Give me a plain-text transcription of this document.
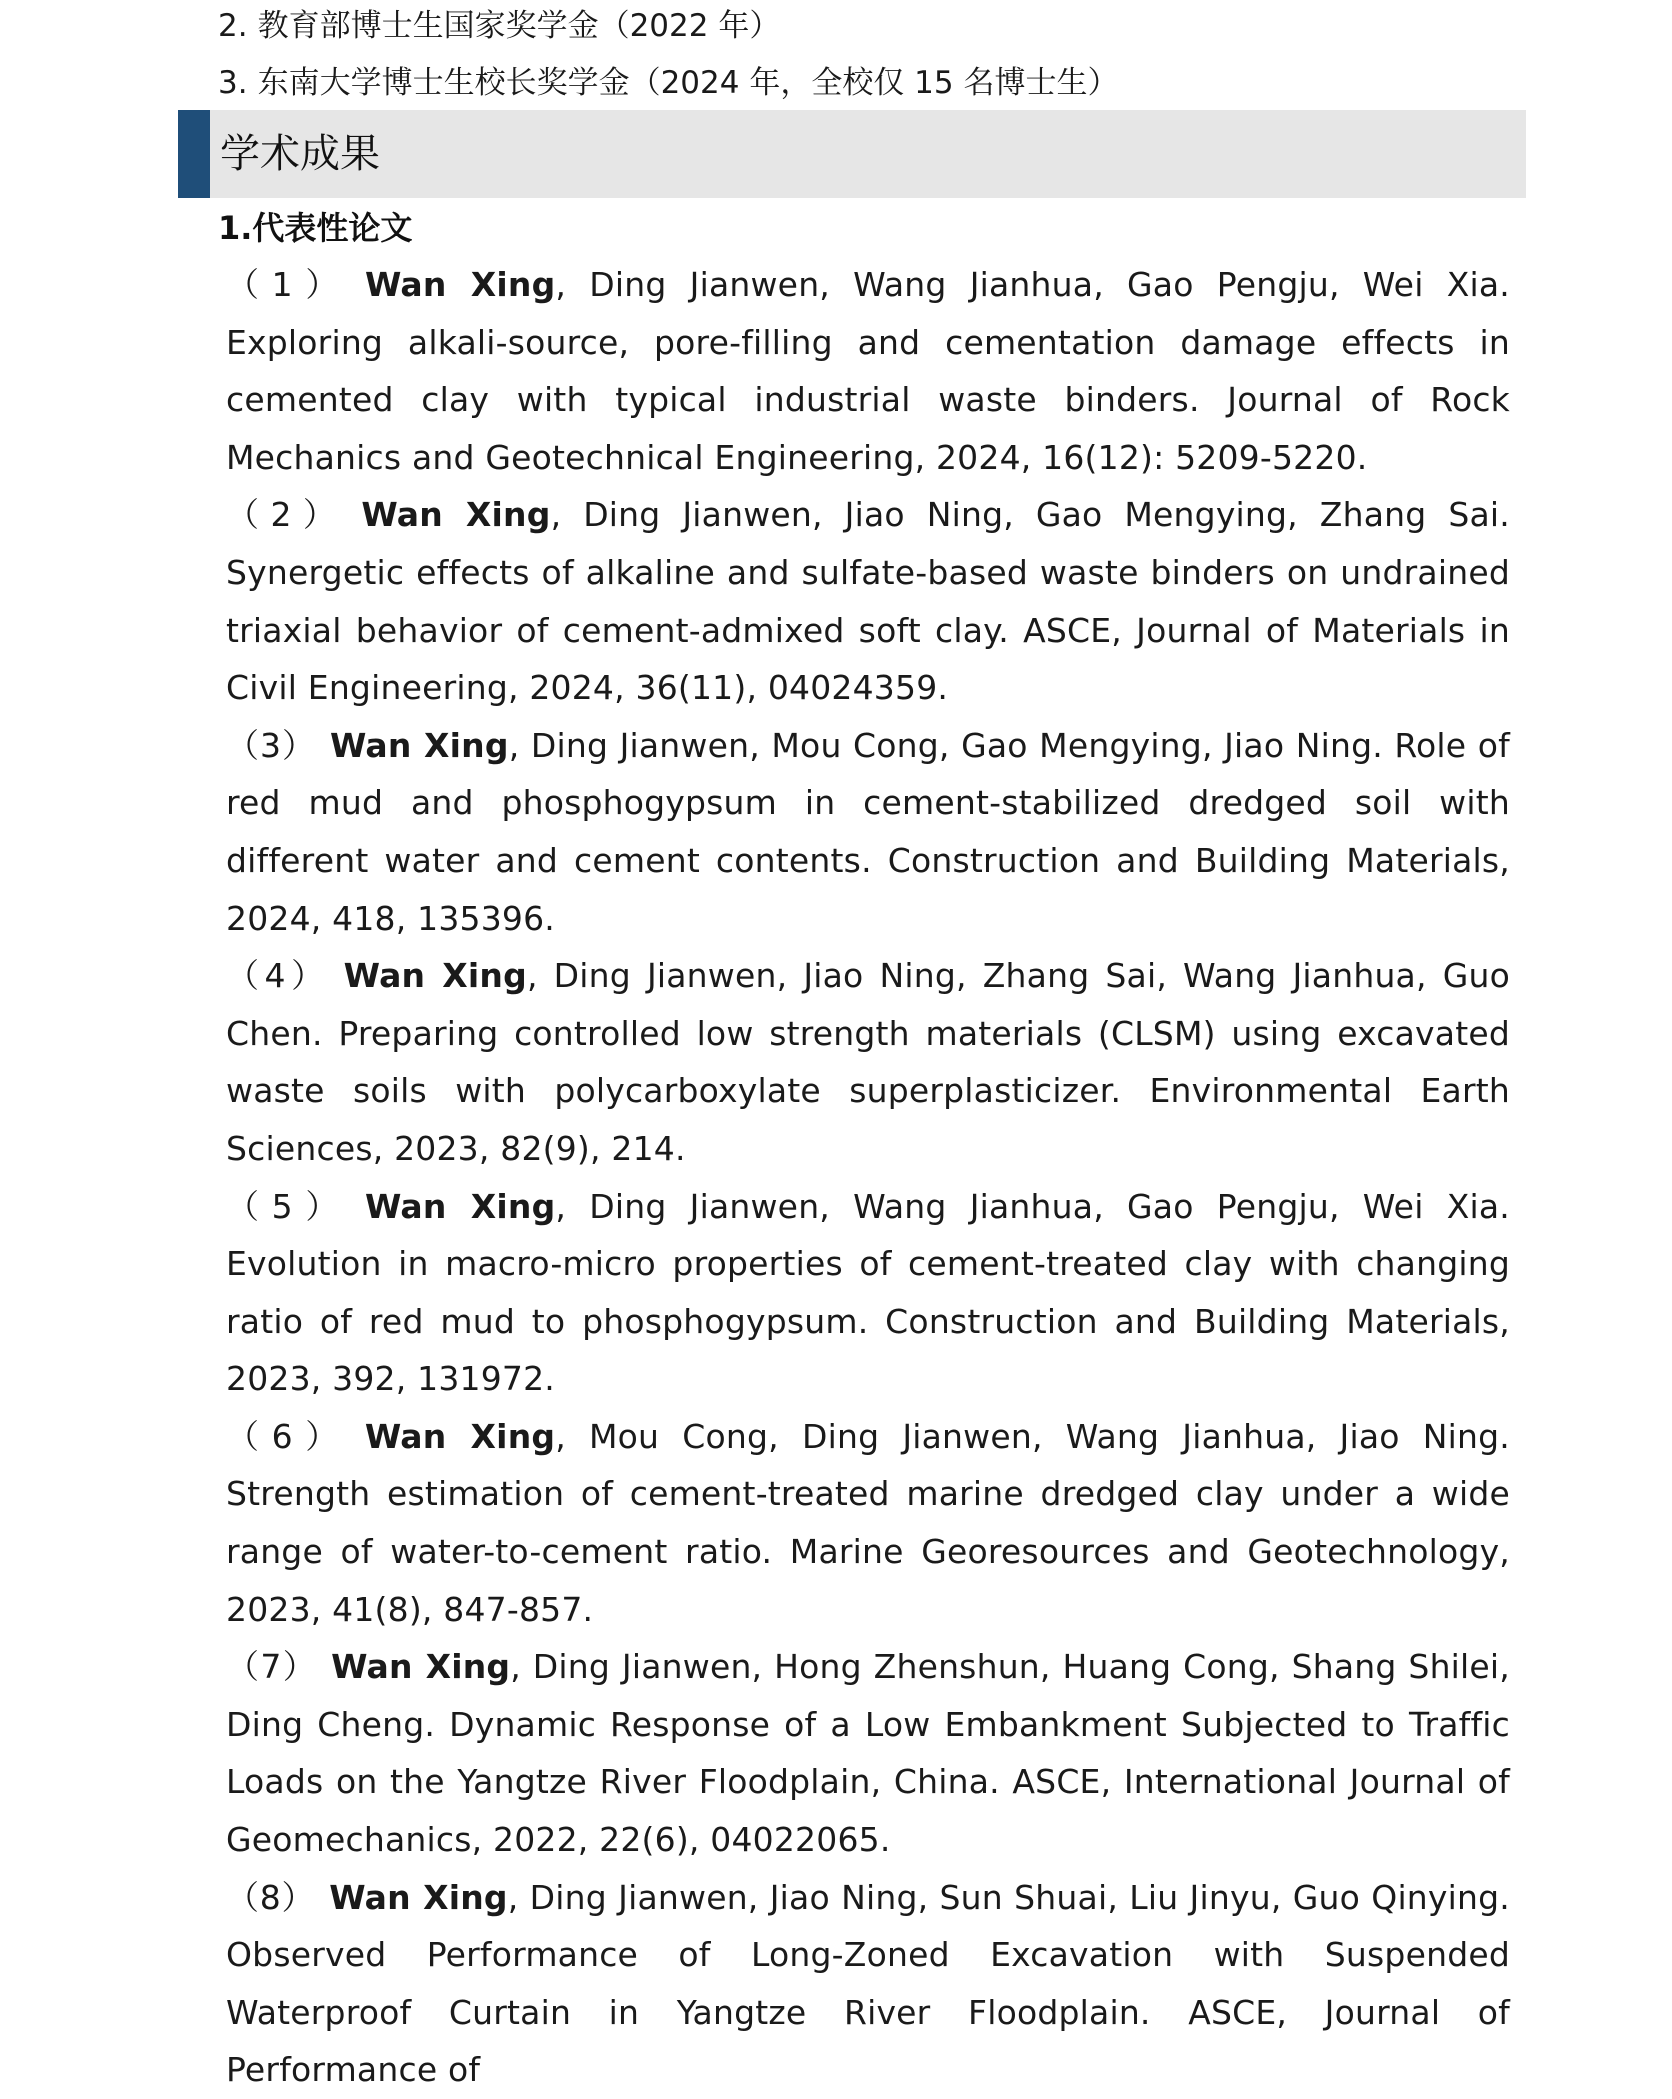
2. 教育部博士生国家奖学金（2022 年）
3. 东南大学博士生校长奖学金（2024 年，全校仅 15 名博士生）
学术成果
1.代表性论文

（1） Wan Xing, Ding Jianwen, Wang Jianhua, Gao Pengju, Wei Xia. Exploring alkali-source, pore-filling and cementation damage effects in cemented clay with typical industrial waste binders. Journal of Rock Mechanics and Geotechnical Engineering, 2024, 16(12): 5209-5220.

（2） Wan Xing, Ding Jianwen, Jiao Ning, Gao Mengying, Zhang Sai. Synergetic effects of alkaline and sulfate-based waste binders on undrained triaxial behavior of cement-admixed soft clay. ASCE, Journal of Materials in Civil Engineering, 2024, 36(11), 04024359.

（3） Wan Xing, Ding Jianwen, Mou Cong, Gao Mengying, Jiao Ning. Role of red mud and phosphogypsum in cement-stabilized dredged soil with different water and cement contents. Construction and Building Materials, 2024, 418, 135396.

（4） Wan Xing, Ding Jianwen, Jiao Ning, Zhang Sai, Wang Jianhua, Guo Chen. Preparing controlled low strength materials (CLSM) using excavated waste soils with polycarboxylate superplasticizer. Environmental Earth Sciences, 2023, 82(9), 214.

（5） Wan Xing, Ding Jianwen, Wang Jianhua, Gao Pengju, Wei Xia. Evolution in macro-micro properties of cement-treated clay with changing ratio of red mud to phosphogypsum. Construction and Building Materials, 2023, 392, 131972.

（6） Wan Xing, Mou Cong, Ding Jianwen, Wang Jianhua, Jiao Ning. Strength estimation of cement-treated marine dredged clay under a wide range of water-to-cement ratio. Marine Georesources and Geotechnology, 2023, 41(8), 847-857.

（7） Wan Xing, Ding Jianwen, Hong Zhenshun, Huang Cong, Shang Shilei, Ding Cheng. Dynamic Response of a Low Embankment Subjected to Traffic Loads on the Yangtze River Floodplain, China. ASCE, International Journal of Geomechanics, 2022, 22(6), 04022065.

（8） Wan Xing, Ding Jianwen, Jiao Ning, Sun Shuai, Liu Jinyu, Guo Qinying. Observed Performance of Long-Zoned Excavation with Suspended Waterproof Curtain in Yangtze River Floodplain. ASCE, Journal of Performance of
